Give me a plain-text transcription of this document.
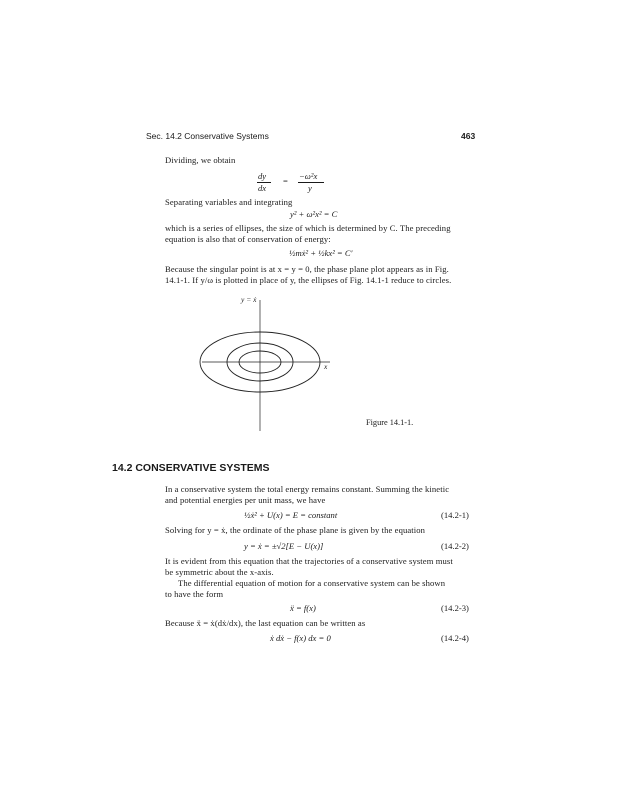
Sec. 14.2 Conservative Systems	463
Dividing, we obtain
dy
dx
= −ω²x
y
Separating variables and integrating
y² + ω²x² = C
which is a series of ellipses, the size of which is determined by C. The preceding
equation is also that of conservation of energy:
½mẋ² + ½kx² = C′
Because the singular point is at x = y = 0, the phase plane plot appears as in Fig.
14.1-1. If y/ω is plotted in place of y, the ellipses of Fig. 14.1-1 reduce to circles.
y = ẋ
x
Figure 14.1-1.
14.2 CONSERVATIVE SYSTEMS
In a conservative system the total energy remains constant. Summing the kinetic
and potential energies per unit mass, we have
½ẋ² + U(x) = E = constant	(14.2-1)
Solving for y = ẋ, the ordinate of the phase plane is given by the equation
y = ẋ = ±√2[E − U(x)]	(14.2-2)
It is evident from this equation that the trajectories of a conservative system must
be symmetric about the x-axis.
The differential equation of motion for a conservative system can be shown
to have the form
ẍ = f(x)	(14.2-3)
Because ẍ = ẋ(dẋ/dx), the last equation can be written as
ẋ dẋ − f(x) dx = 0	(14.2-4)
